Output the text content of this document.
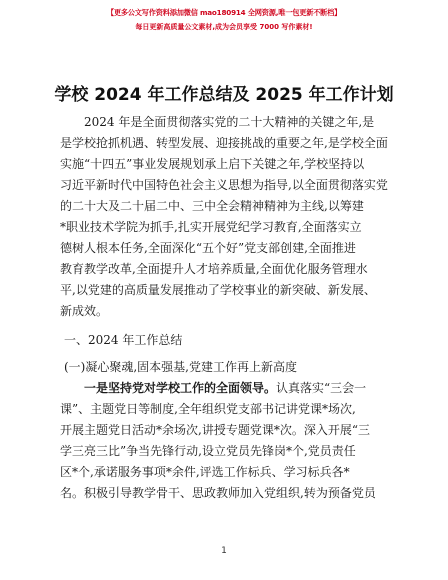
【更多公文写作资料添加微信 mao180914 全网资源,唯一包更新不断档】
每日更新高质量公文素材,成为会员享受 7000 写作素材!
学校 2024 年工作总结及 2025 年工作计划
2024 年是全面贯彻落实党的二十大精神的关键之年,是
是学校抢抓机遇、转型发展、迎接挑战的重要之年,是学校全面
实施“十四五”事业发展规划承上启下关键之年,学校坚持以
习近平新时代中国特色社会主义思想为指导,以全面贯彻落实党
的二十大及二十届二中、三中全会精神精神为主线,以筹建
*职业技术学院为抓手,扎实开展党纪学习教育,全面落实立
德树人根本任务,全面深化“五个好”党支部创建,全面推进
教育教学改革,全面提升人才培养质量,全面优化服务管理水
平,以党建的高质量发展推动了学校事业的新突破、新发展、
新成效。
一、2024 年工作总结
(一)凝心聚魂,固本强基,党建工作再上新高度
一是坚持党对学校工作的全面领导。认真落实“三会一
课”、主题党日等制度,全年组织党支部书记讲党课*场次,
开展主题党日活动*余场次,讲授专题党课*次。深入开展“三
学三亮三比”争当先锋行动,设立党员先锋岗*个,党员责任
区*个,承诺服务事项*余件,评选工作标兵、学习标兵各*
名。积极引导教学骨干、思政教师加入党组织,转为预备党员
1
